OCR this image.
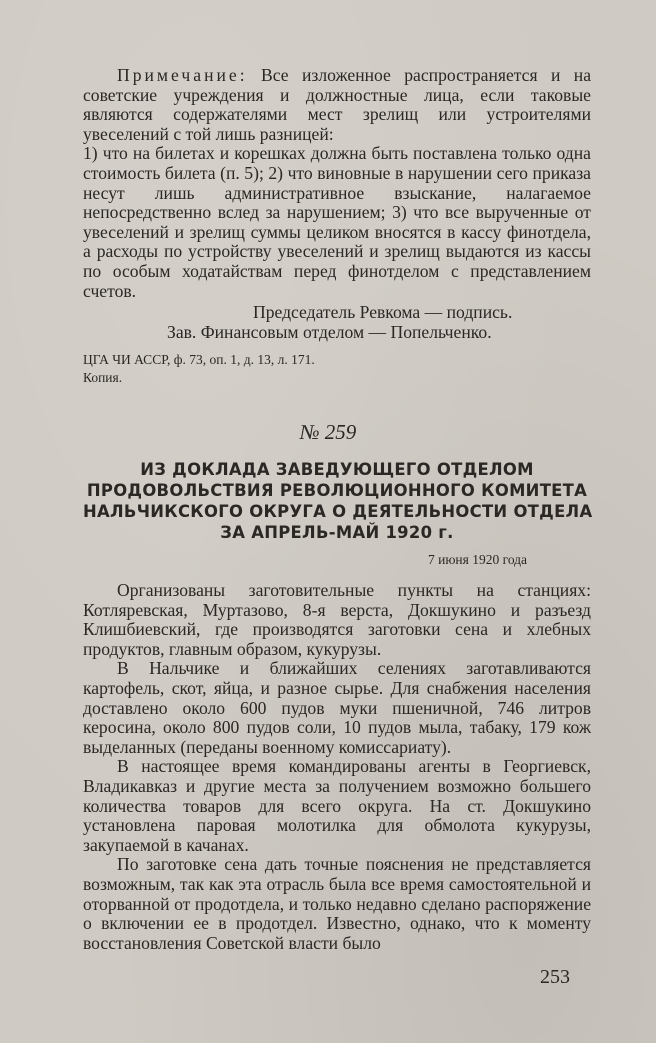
Примечание: Все изложенное распространяется и на советские учреждения и должностные лица, если таковые являются содержателями мест зрелищ или устроителями увеселений с той лишь разницей:

1) что на билетах и корешках должна быть поставлена только одна стоимость билета (п. 5); 2) что виновные в нарушении сего приказа несут лишь административное взыскание, налагаемое непосредственно вслед за нарушением; 3) что все вырученные от увеселений и зрелищ суммы целиком вносятся в кассу финотдела, а расходы по устройству увеселений и зрелищ выдаются из кассы по особым ходатайствам перед финотделом с представлением счетов.

Председатель Ревкома — подпись.
Зав. Финансовым отделом — Попельченко.
ЦГА ЧИ АССР, ф. 73, оп. 1, д. 13, л. 171.
Копия.
№ 259
ИЗ ДОКЛАДА ЗАВЕДУЮЩЕГО ОТДЕЛОМ
ПРОДОВОЛЬСТВИЯ РЕВОЛЮЦИОННОГО КОМИТЕТА
НАЛЬЧИКСКОГО ОКРУГА О ДЕЯТЕЛЬНОСТИ ОТДЕЛА
ЗА АПРЕЛЬ-МАЙ 1920 г.
7 июня 1920 года

Организованы заготовительные пункты на станциях: Котляревская, Муртазово, 8-я верста, Докшукино и разъезд Клишбиевский, где производятся заготовки сена и хлебных продуктов, главным образом, кукурузы.

В Нальчике и ближайших селениях заготавливаются картофель, скот, яйца, и разное сырье. Для снабжения населения доставлено около 600 пудов муки пшеничной, 746 литров керосина, около 800 пудов соли, 10 пудов мыла, табаку, 179 кож выделанных (переданы военному комиссариату).

В настоящее время командированы агенты в Георгиевск, Владикавказ и другие места за получением возможно большего количества товаров для всего округа. На ст. Докшукино установлена паровая молотилка для обмолота кукурузы, закупаемой в качанах.

По заготовке сена дать точные пояснения не представляется возможным, так как эта отрасль была все время самостоятельной и оторванной от продотдела, и только недавно сделано распоряжение о включении ее в продотдел. Известно, однако, что к моменту восстановления Советской власти было

253
